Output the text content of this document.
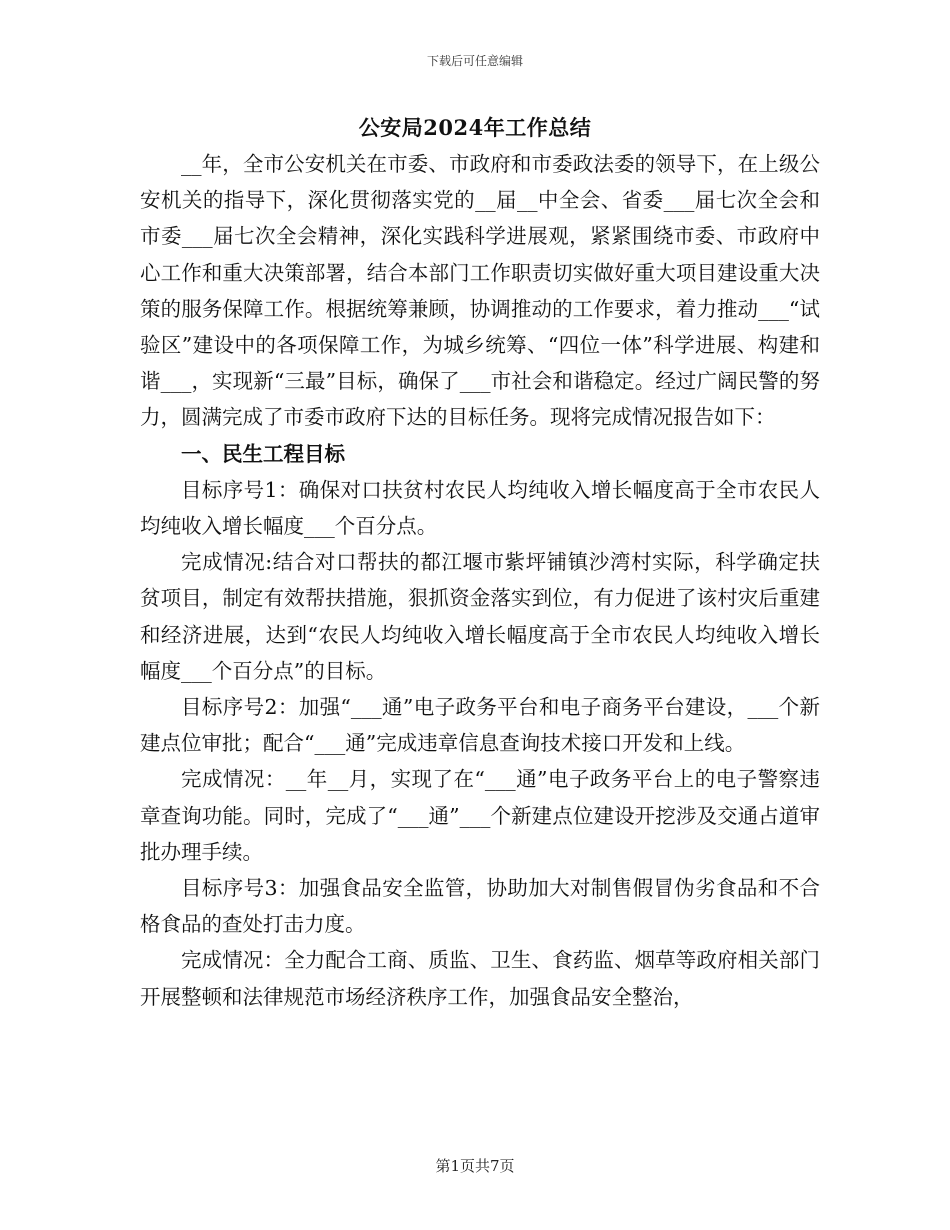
下载后可任意编辑
公安局2024年工作总结

__年，全市公安机关在市委、市政府和市委政法委的领导下，在上级公安机关的指导下，深化贯彻落实党的__届__中全会、省委___届七次全会和市委___届七次全会精神，深化实践科学进展观，紧紧围绕市委、市政府中心工作和重大决策部署，结合本部门工作职责切实做好重大项目建设重大决策的服务保障工作。根据统筹兼顾，协调推动的工作要求，着力推动___“试验区”建设中的各项保障工作，为城乡统筹、“四位一体”科学进展、构建和谐___，实现新“三最”目标，确保了___市社会和谐稳定。经过广阔民警的努力，圆满完成了市委市政府下达的目标任务。现将完成情况报告如下：

一、民生工程目标

目标序号1：确保对口扶贫村农民人均纯收入增长幅度高于全市农民人均纯收入增长幅度___个百分点。

完成情况:结合对口帮扶的都江堰市紫坪铺镇沙湾村实际，科学确定扶贫项目，制定有效帮扶措施，狠抓资金落实到位，有力促进了该村灾后重建和经济进展，达到“农民人均纯收入增长幅度高于全市农民人均纯收入增长幅度___个百分点”的目标。

目标序号2：加强“___通”电子政务平台和电子商务平台建设，___个新建点位审批；配合“___通”完成违章信息查询技术接口开发和上线。

完成情况：__年__月，实现了在“___通”电子政务平台上的电子警察违章查询功能。同时，完成了“___通”___个新建点位建设开挖涉及交通占道审批办理手续。

目标序号3：加强食品安全监管，协助加大对制售假冒伪劣食品和不合格食品的查处打击力度。

完成情况：全力配合工商、质监、卫生、食药监、烟草等政府相关部门开展整顿和法律规范市场经济秩序工作，加强食品安全整治，

第1页共7页
